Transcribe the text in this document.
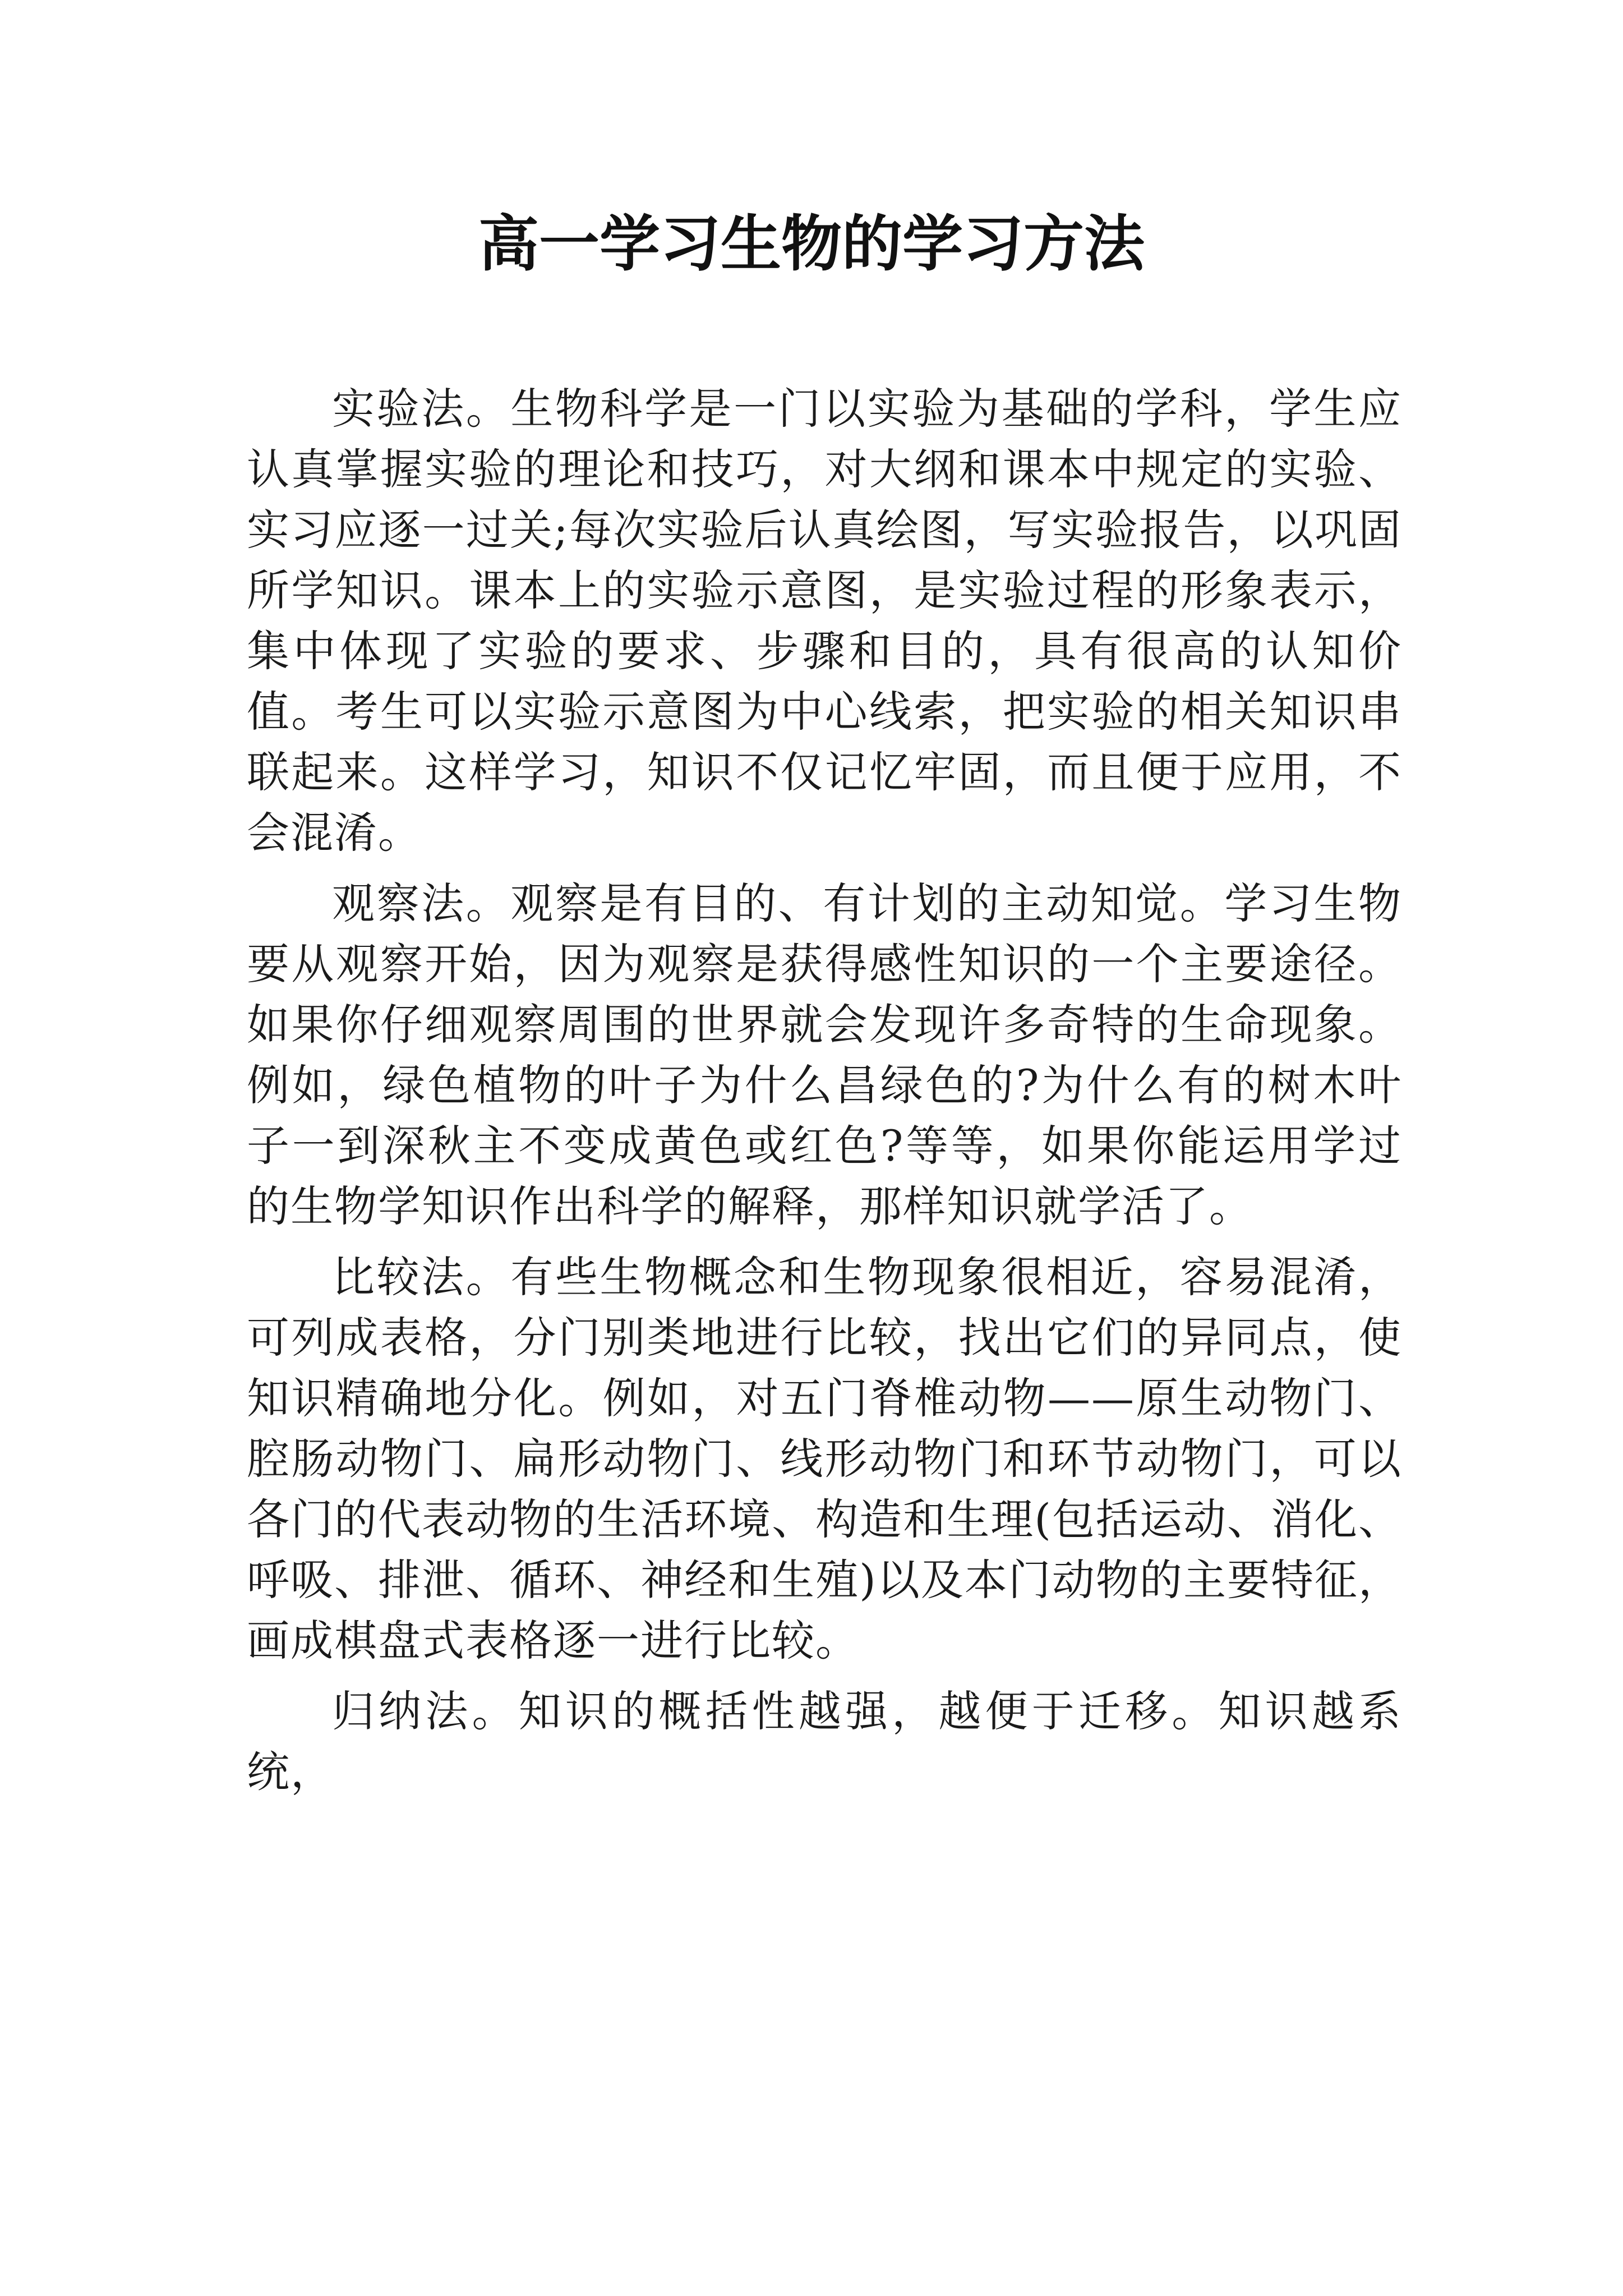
高一学习生物的学习方法

实验法。生物科学是一门以实验为基础的学科，学生应认真掌握实验的理论和技巧，对大纲和课本中规定的实验、实习应逐一过关;每次实验后认真绘图，写实验报告，以巩固所学知识。课本上的实验示意图，是实验过程的形象表示，集中体现了实验的要求、步骤和目的，具有很高的认知价值。考生可以实验示意图为中心线索，把实验的相关知识串联起来。这样学习，知识不仅记忆牢固，而且便于应用，不会混淆。

观察法。观察是有目的、有计划的主动知觉。学习生物要从观察开始，因为观察是获得感性知识的一个主要途径。如果你仔细观察周围的世界就会发现许多奇特的生命现象。例如，绿色植物的叶子为什么昌绿色的?为什么有的树木叶子一到深秋主不变成黄色或红色?等等，如果你能运用学过的生物学知识作出科学的解释，那样知识就学活了。

比较法。有些生物概念和生物现象很相近，容易混淆，可列成表格，分门别类地进行比较，找出它们的异同点，使知识精确地分化。例如，对五门脊椎动物——原生动物门、腔肠动物门、扁形动物门、线形动物门和环节动物门，可以各门的代表动物的生活环境、构造和生理(包括运动、消化、呼吸、排泄、循环、神经和生殖)以及本门动物的主要特征，画成棋盘式表格逐一进行比较。

归纳法。知识的概括性越强，越便于迁移。知识越系统，
